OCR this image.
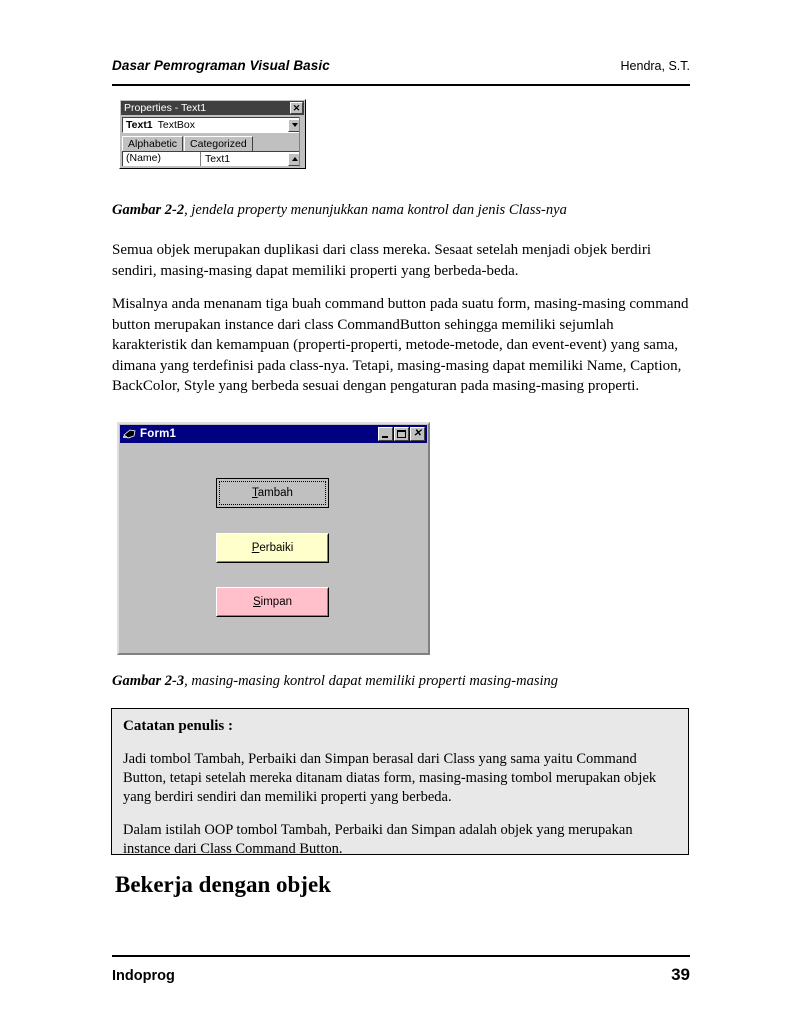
Dasar Pemrograman Visual Basic	Hendra, S.T.
Properties - Text1	✕
Text1 TextBox
Alphabetic	Categorized
(Name)	Text1
Gambar 2-2, jendela property menunjukkan nama kontrol dan jenis Class-nya
Semua objek merupakan duplikasi dari class mereka. Sesaat setelah menjadi objek berdiri sendiri, masing-masing dapat memiliki properti yang berbeda-beda.
Misalnya anda menanam tiga buah command button pada suatu form, masing-masing command button merupakan instance dari class CommandButton sehingga memiliki sejumlah karakteristik dan kemampuan (properti-properti, metode-metode, dan event-event) yang sama, dimana yang terdefinisi pada class-nya. Tetapi, masing-masing dapat memiliki Name, Caption, BackColor, Style yang berbeda sesuai dengan pengaturan pada masing-masing properti.
Form1	✕
Tambah
Perbaiki
Simpan
Gambar 2-3, masing-masing kontrol dapat memiliki properti masing-masing
Catatan penulis :

Jadi tombol Tambah, Perbaiki dan Simpan berasal dari Class yang sama yaitu Command Button, tetapi setelah mereka ditanam diatas form, masing-masing tombol merupakan objek yang berdiri sendiri dan memiliki properti yang berbeda.

Dalam istilah OOP tombol Tambah, Perbaiki dan Simpan adalah objek yang merupakan instance dari Class Command Button.

Bekerja dengan objek
Indoprog	39
